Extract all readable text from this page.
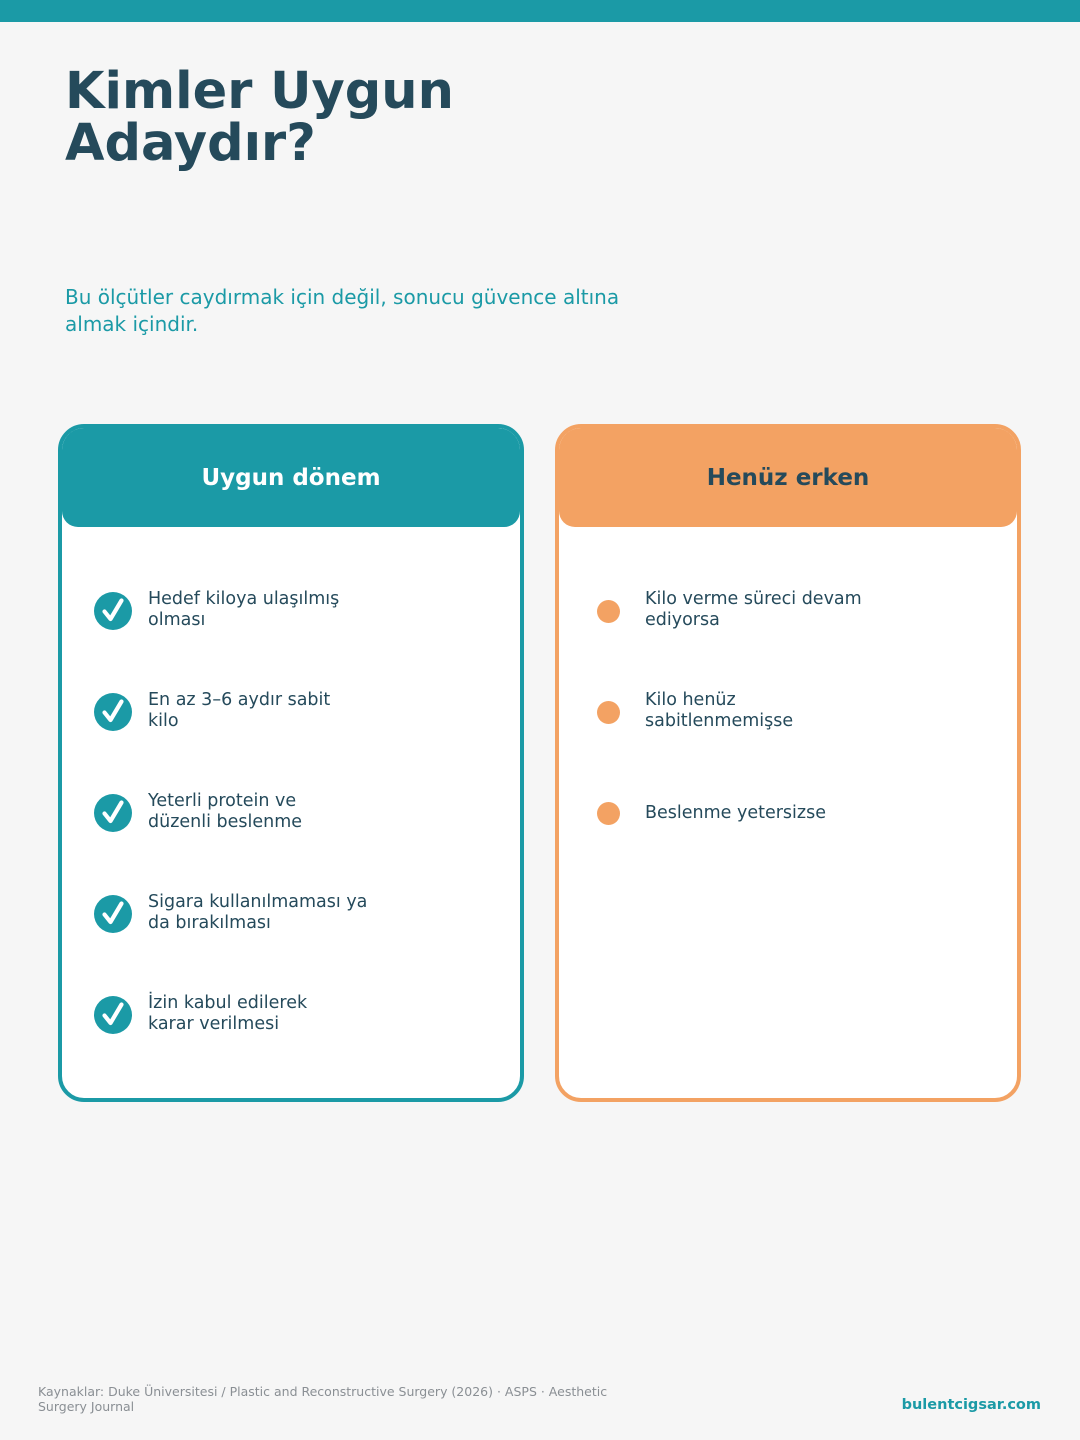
Kimler Uygun
Adaydır?

Bu ölçütler caydırmak için değil, sonucu güvence altına
almak içindir.

Uygun dönem
Hedef kiloya ulaşılmış
olması
En az 3–6 aydır sabit
kilo
Yeterli protein ve
düzenli beslenme
Sigara kullanılmaması ya
da bırakılması
İzin kabul edilerek
karar verilmesi
Henüz erken
Kilo verme süreci devam
ediyorsa
Kilo henüz
sabitlenmemişse
Beslenme yetersizse
Kaynaklar: Duke Üniversitesi / Plastic and Reconstructive Surgery (2026) · ASPS · Aesthetic
Surgery Journal	bulentcigsar.com
